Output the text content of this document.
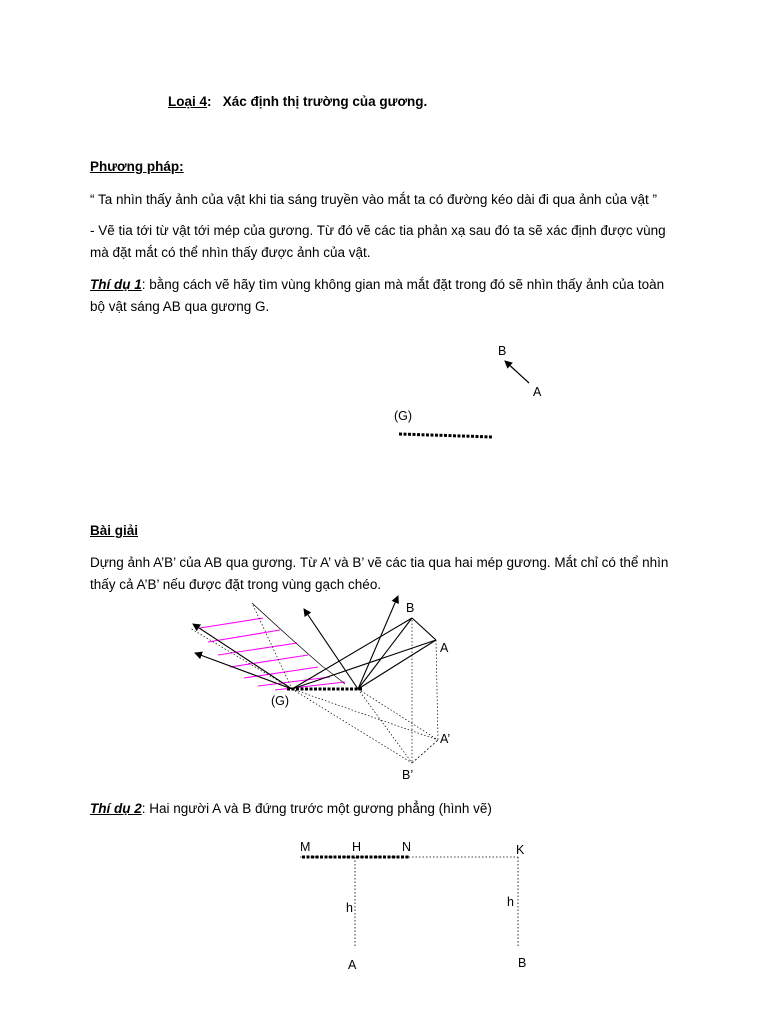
Loại 4: Xác định thị trường của gương.
Phương pháp:
“ Ta nhìn thấy ảnh của vật khi tia sáng truyền vào mắt ta có đường kéo dài đi qua ảnh của vật ”
- Vẽ tia tới từ vật tới mép của gương. Từ đó vẽ các tia phản xạ sau đó ta sẽ xác định được vùng
mà đặt mắt có thể nhìn thấy được ảnh của vật.
Thí dụ 1: bằng cách vẽ hãy tìm vùng không gian mà mắt đặt trong đó sẽ nhìn thấy ảnh của toàn
bộ vật sáng AB qua gương G.
B
A
(G)
Bài giải
Dựng ảnh A’B’ của AB qua gương. Từ A’ và B’ vẽ các tia qua hai mép gương. Mắt chỉ có thể nhìn
thấy cả A’B’ nếu được đặt trong vùng gạch chéo.
B
A
(G)
A’
B’
Thí dụ 2: Hai người A và B đứng trước một gương phẳng (hình vẽ)
M	H	N	K
h	h
A	B
